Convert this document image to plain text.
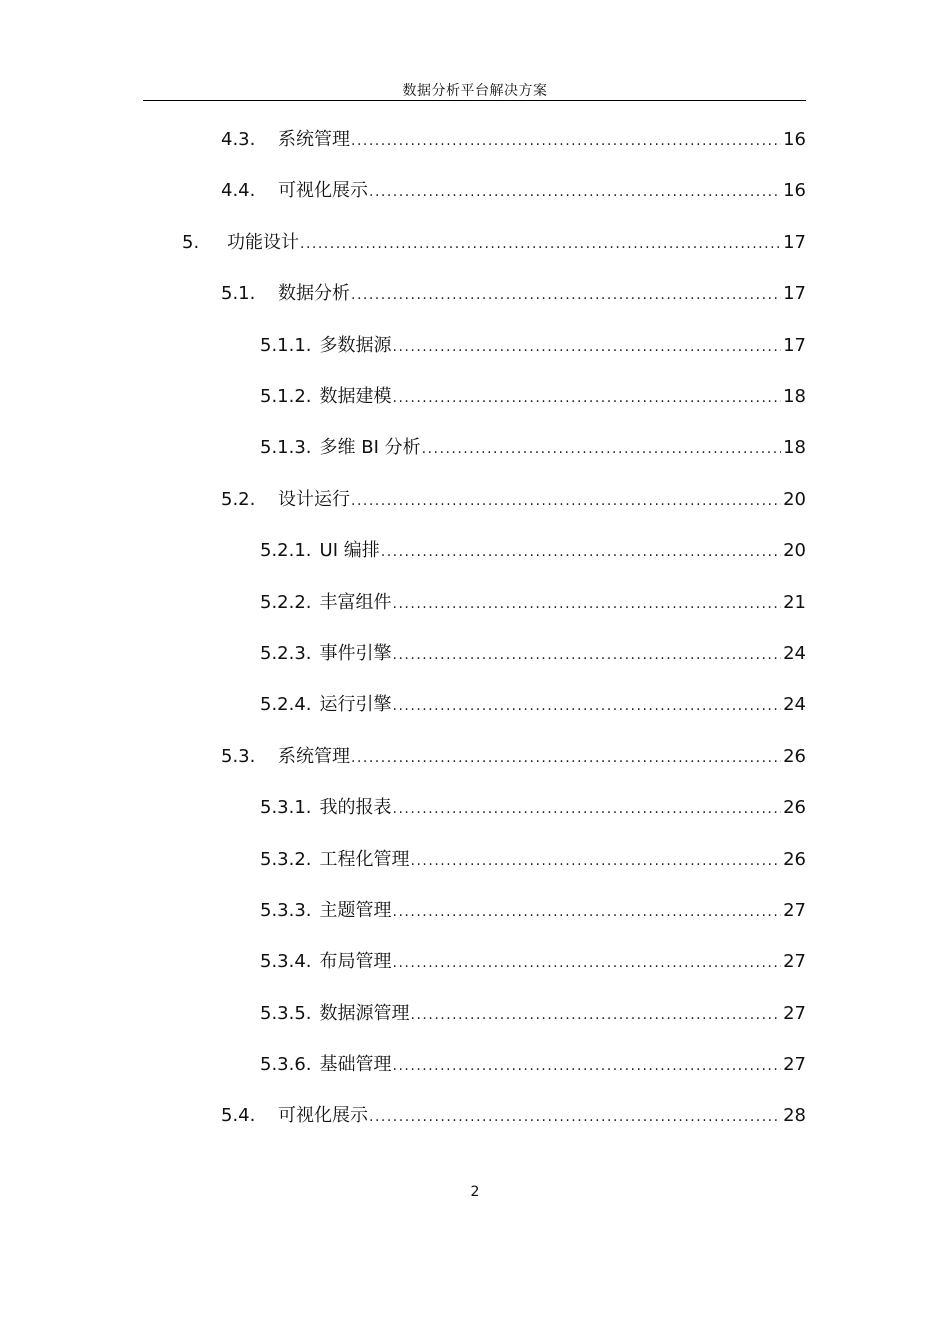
数据分析平台解决方案
4.3.	系统管理 .....	16
4.4.	可视化展示 .....	16
5.	功能设计 .....	17
5.1.	数据分析 .....	17
5.1.1. 多数据源 .....	17
5.1.2. 数据建模 .....	18
5.1.3. 多维 BI 分析 .....	18
5.2.	设计运行 .....	20
5.2.1. UI 编排 .....	20
5.2.2. 丰富组件 .....	21
5.2.3. 事件引擎 .....	24
5.2.4. 运行引擎 .....	24
5.3.	系统管理 .....	26
5.3.1. 我的报表 .....	26
5.3.2. 工程化管理 .....	26
5.3.3. 主题管理 .....	27
5.3.4. 布局管理 .....	27
5.3.5. 数据源管理 .....	27
5.3.6. 基础管理 .....	27
5.4.	可视化展示 .....	28
2
